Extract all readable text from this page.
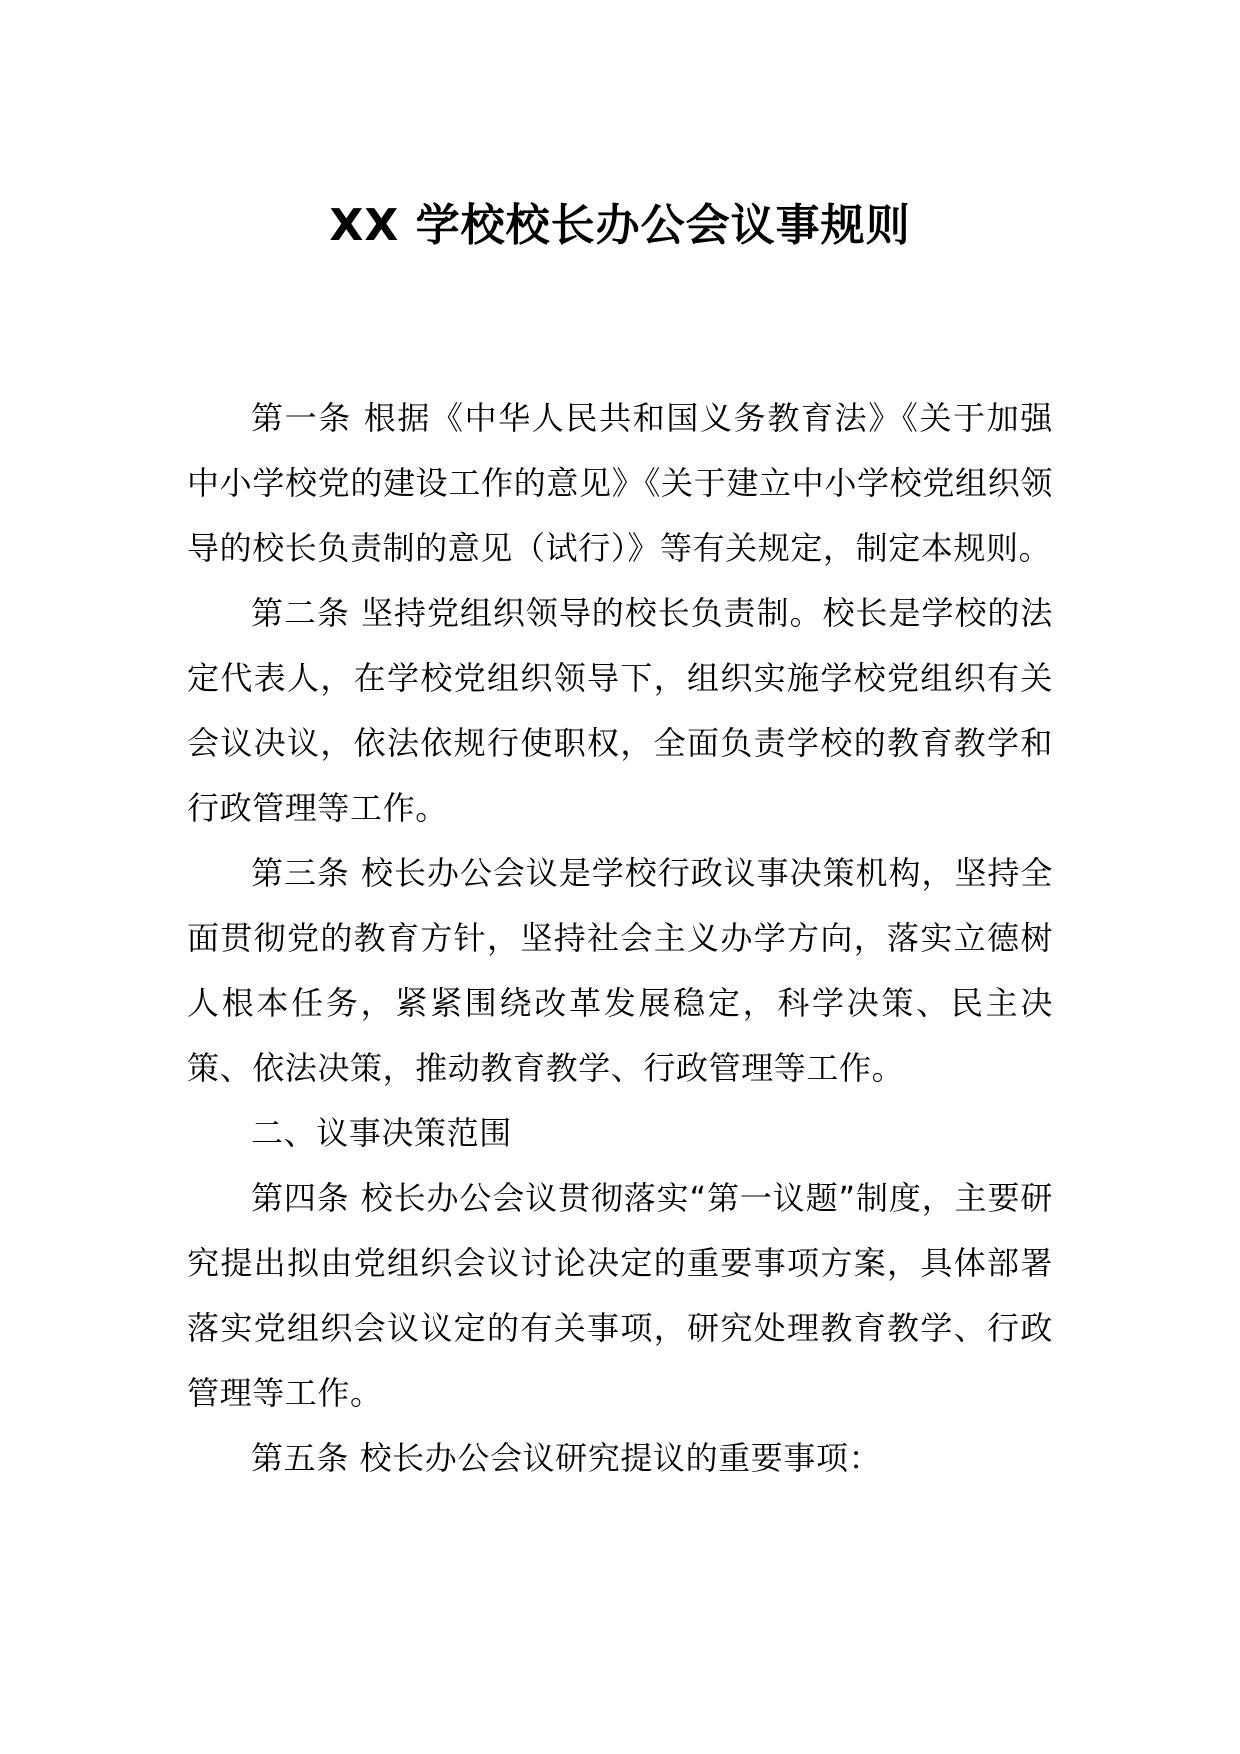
XX 学校校长办公会议事规则

第一条 根据《中华人民共和国义务教育法》《关于加强中小学校党的建设工作的意见》《关于建立中小学校党组织领导的校长负责制的意见（试行）》等有关规定，制定本规则。

第二条 坚持党组织领导的校长负责制。校长是学校的法定代表人，在学校党组织领导下，组织实施学校党组织有关会议决议，依法依规行使职权，全面负责学校的教育教学和行政管理等工作。

第三条 校长办公会议是学校行政议事决策机构，坚持全面贯彻党的教育方针，坚持社会主义办学方向，落实立德树人根本任务，紧紧围绕改革发展稳定，科学决策、民主决策、依法决策，推动教育教学、行政管理等工作。

二、议事决策范围

第四条 校长办公会议贯彻落实“第一议题”制度，主要研究提出拟由党组织会议讨论决定的重要事项方案，具体部署落实党组织会议议定的有关事项，研究处理教育教学、行政管理等工作。

第五条 校长办公会议研究提议的重要事项：
